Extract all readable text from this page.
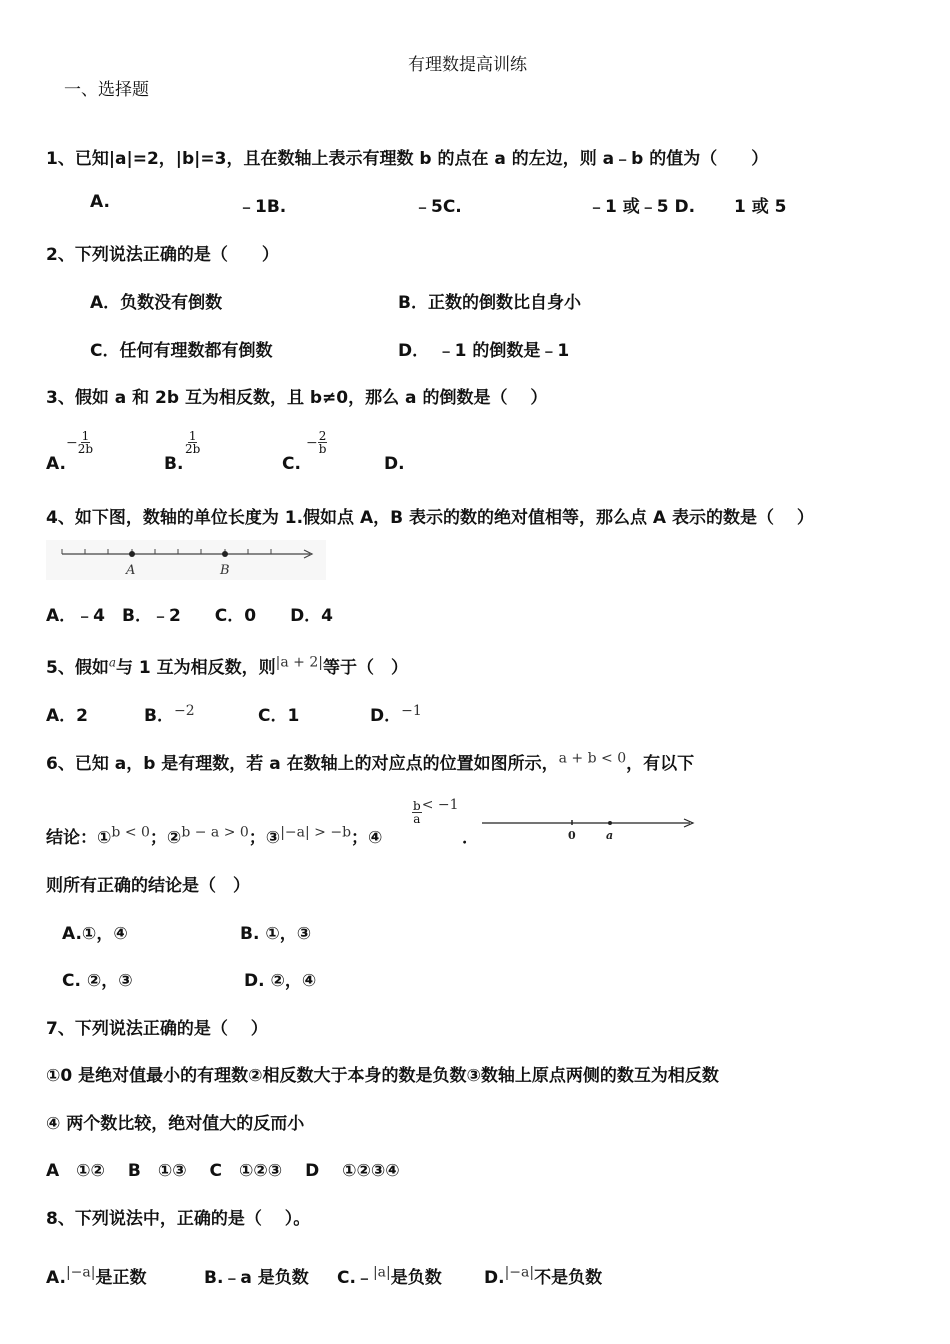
有理数提高训练
一、选择题
1、已知|a|=2，|b|=3，且在数轴上表示有理数 b 的点在 a 的左边，则 a﹣b 的值为（　　）
A.	﹣1B.	﹣5C.	﹣1 或﹣5 D. 1 或 5
2、下列说法正确的是（　　）
A．负数没有倒数	B．正数的倒数比自身小
C．任何有理数都有倒数	D．　﹣1 的倒数是﹣1
3、假如 a 和 2b 互为相反数，且 b≠0，那么 a 的倒数是（　 ）
A.
− $\frac{1}{2b}$
B.
$\frac{1}{2b}$
C.
− $\frac{2}{b}$
D.
4、如下图，数轴的单位长度为 1.假如点 A，B 表示的数的绝对值相等，那么点 A 表示的数是（　 ）
A	B
A．﹣4　B．﹣2　　C．0　　D．4
5、假如$^a$与 1 互为相反数，则$^{|a + 2|}$等于（　）
A．2	B．$^{-2}$	C．1	D．$^{-1}$
6、已知 a，b 是有理数，若 a 在数轴上的对应点的位置如图所示，$^{a + b < 0}$，有以下
结论：①$^{b < 0}$；②$^{b - a > 0}$；③$^{|-a| > -b}$；④
$\frac{b}{a} < -1$
．	0	a
则所有正确的结论是（　）
A.①，④	B. ①，③
C. ②，③	D. ②，④
7、下列说法正确的是（　 ）
①0 是绝对值最小的有理数②相反数大于本身的数是负数③数轴上原点两侧的数互为相反数
④ 两个数比较，绝对值大的反而小
A　①②　 B　①③　 C　①②③　 D　 ①②③④
8、下列说法中，正确的是（　 ）。
A.$^{|-a|}$是正数	B.﹣a 是负数 C.﹣$^{|a|}$是负数 D.$^{|-a|}$不是负数
